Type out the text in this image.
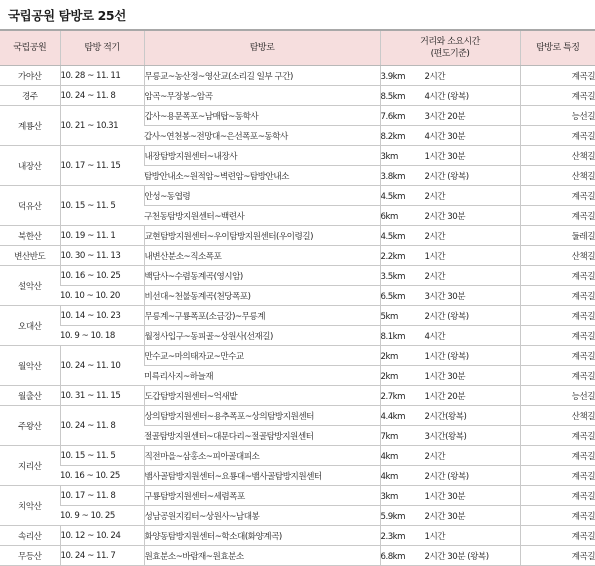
국립공원 탐방로 25선
국립공원	탐방 적기	탐방로	거리와 소요시간
(편도기준)	탐방로 특징
가야산	10. 28 ~ 11. 11	무릉교~농산정~영산교(소리길 일부 구간)	3.9km 2시간	계곡길
경주	10. 24 ~ 11. 8	암곡~무장봉~암곡	8.5km 4시간 (왕복)	계곡길
계룡산	10. 21 ~ 10.31	갑사~용문폭포~남매탑~동학사	7.6km 3시간 20분	능선길
		갑사~연천봉~전망대~은선폭포~동학사	8.2km 4시간 30분	계곡길
내장산	10. 17 ~ 11. 15	내장탐방지원센터~내장사	3km 1시간 30분	산책길
		탐방안내소~원적암~벽련암~탐방안내소	3.8km 2시간 (왕복)	산책길
덕유산	10. 15 ~ 11. 5	안성~동엽령	4.5km 2시간	계곡길
		구천동탐방지원센터~백련사	6km 2시간 30분	계곡길
북한산	10. 19 ~ 11. 1	교현탐방지원센터~우이탐방지원센터(우이령길)	4.5km 2시간	둘레길
변산반도	10. 30 ~ 11. 13	내변산분소~직소폭포	2.2km 1시간	산책길
설악산	10. 16 ~ 10. 25	백담사~수렴동계곡(영시암)	3.5km 2시간	계곡길
	10. 10 ~ 10. 20	비선대~천불동계곡(천당폭포)	6.5km 3시간 30분	계곡길
오대산	10. 14 ~ 10. 23	무릉계~구룡폭포(소금강)~무릉계	5km 2시간 (왕복)	계곡길
	10. 9 ~ 10. 18	월정사입구~동피골~상원사(선재길)	8.1km 4시간	계곡길
월악산	10. 24 ~ 11. 10	만수교~마의태자교~만수교	2km 1시간 (왕복)	계곡길
		미륵리사지~하늘재	2km 1시간 30분	계곡길
월출산	10. 31 ~ 11. 15	도갑탐방지원센터~억새밭	2.7km 1시간 20분	능선길
주왕산	10. 24 ~ 11. 8	상의탐방지원센터~용추폭포~상의탐방지원센터	4.4km 2시간(왕복)	산책길
		절골탐방지원센터~대문다리~절골탐방지원센터	7km 3시간(왕복)	계곡길
지리산	10. 15 ~ 11. 5	직전마을~삼홍소~피아골대피소	4km 2시간	계곡길
	10. 16 ~ 10. 25	뱀사골탐방지원센터~요룡대~뱀사골탐방지원센터	4km 2시간 (왕복)	계곡길
치악산	10. 17 ~ 11. 8	구룡탐방지원센터~세렴폭포	3km 1시간 30분	계곡길
	10. 9 ~ 10. 25	성남공원지킴터~상원사~남대봉	5.9km 2시간 30분	계곡길
속리산	10. 12 ~ 10. 24	화양동탐방지원센터~학소대(화양계곡)	2.3km 1시간	계곡길
무등산	10. 24 ~ 11. 7	원효분소~바람재~원효분소	6.8km 2시간 30분 (왕복)	계곡길
